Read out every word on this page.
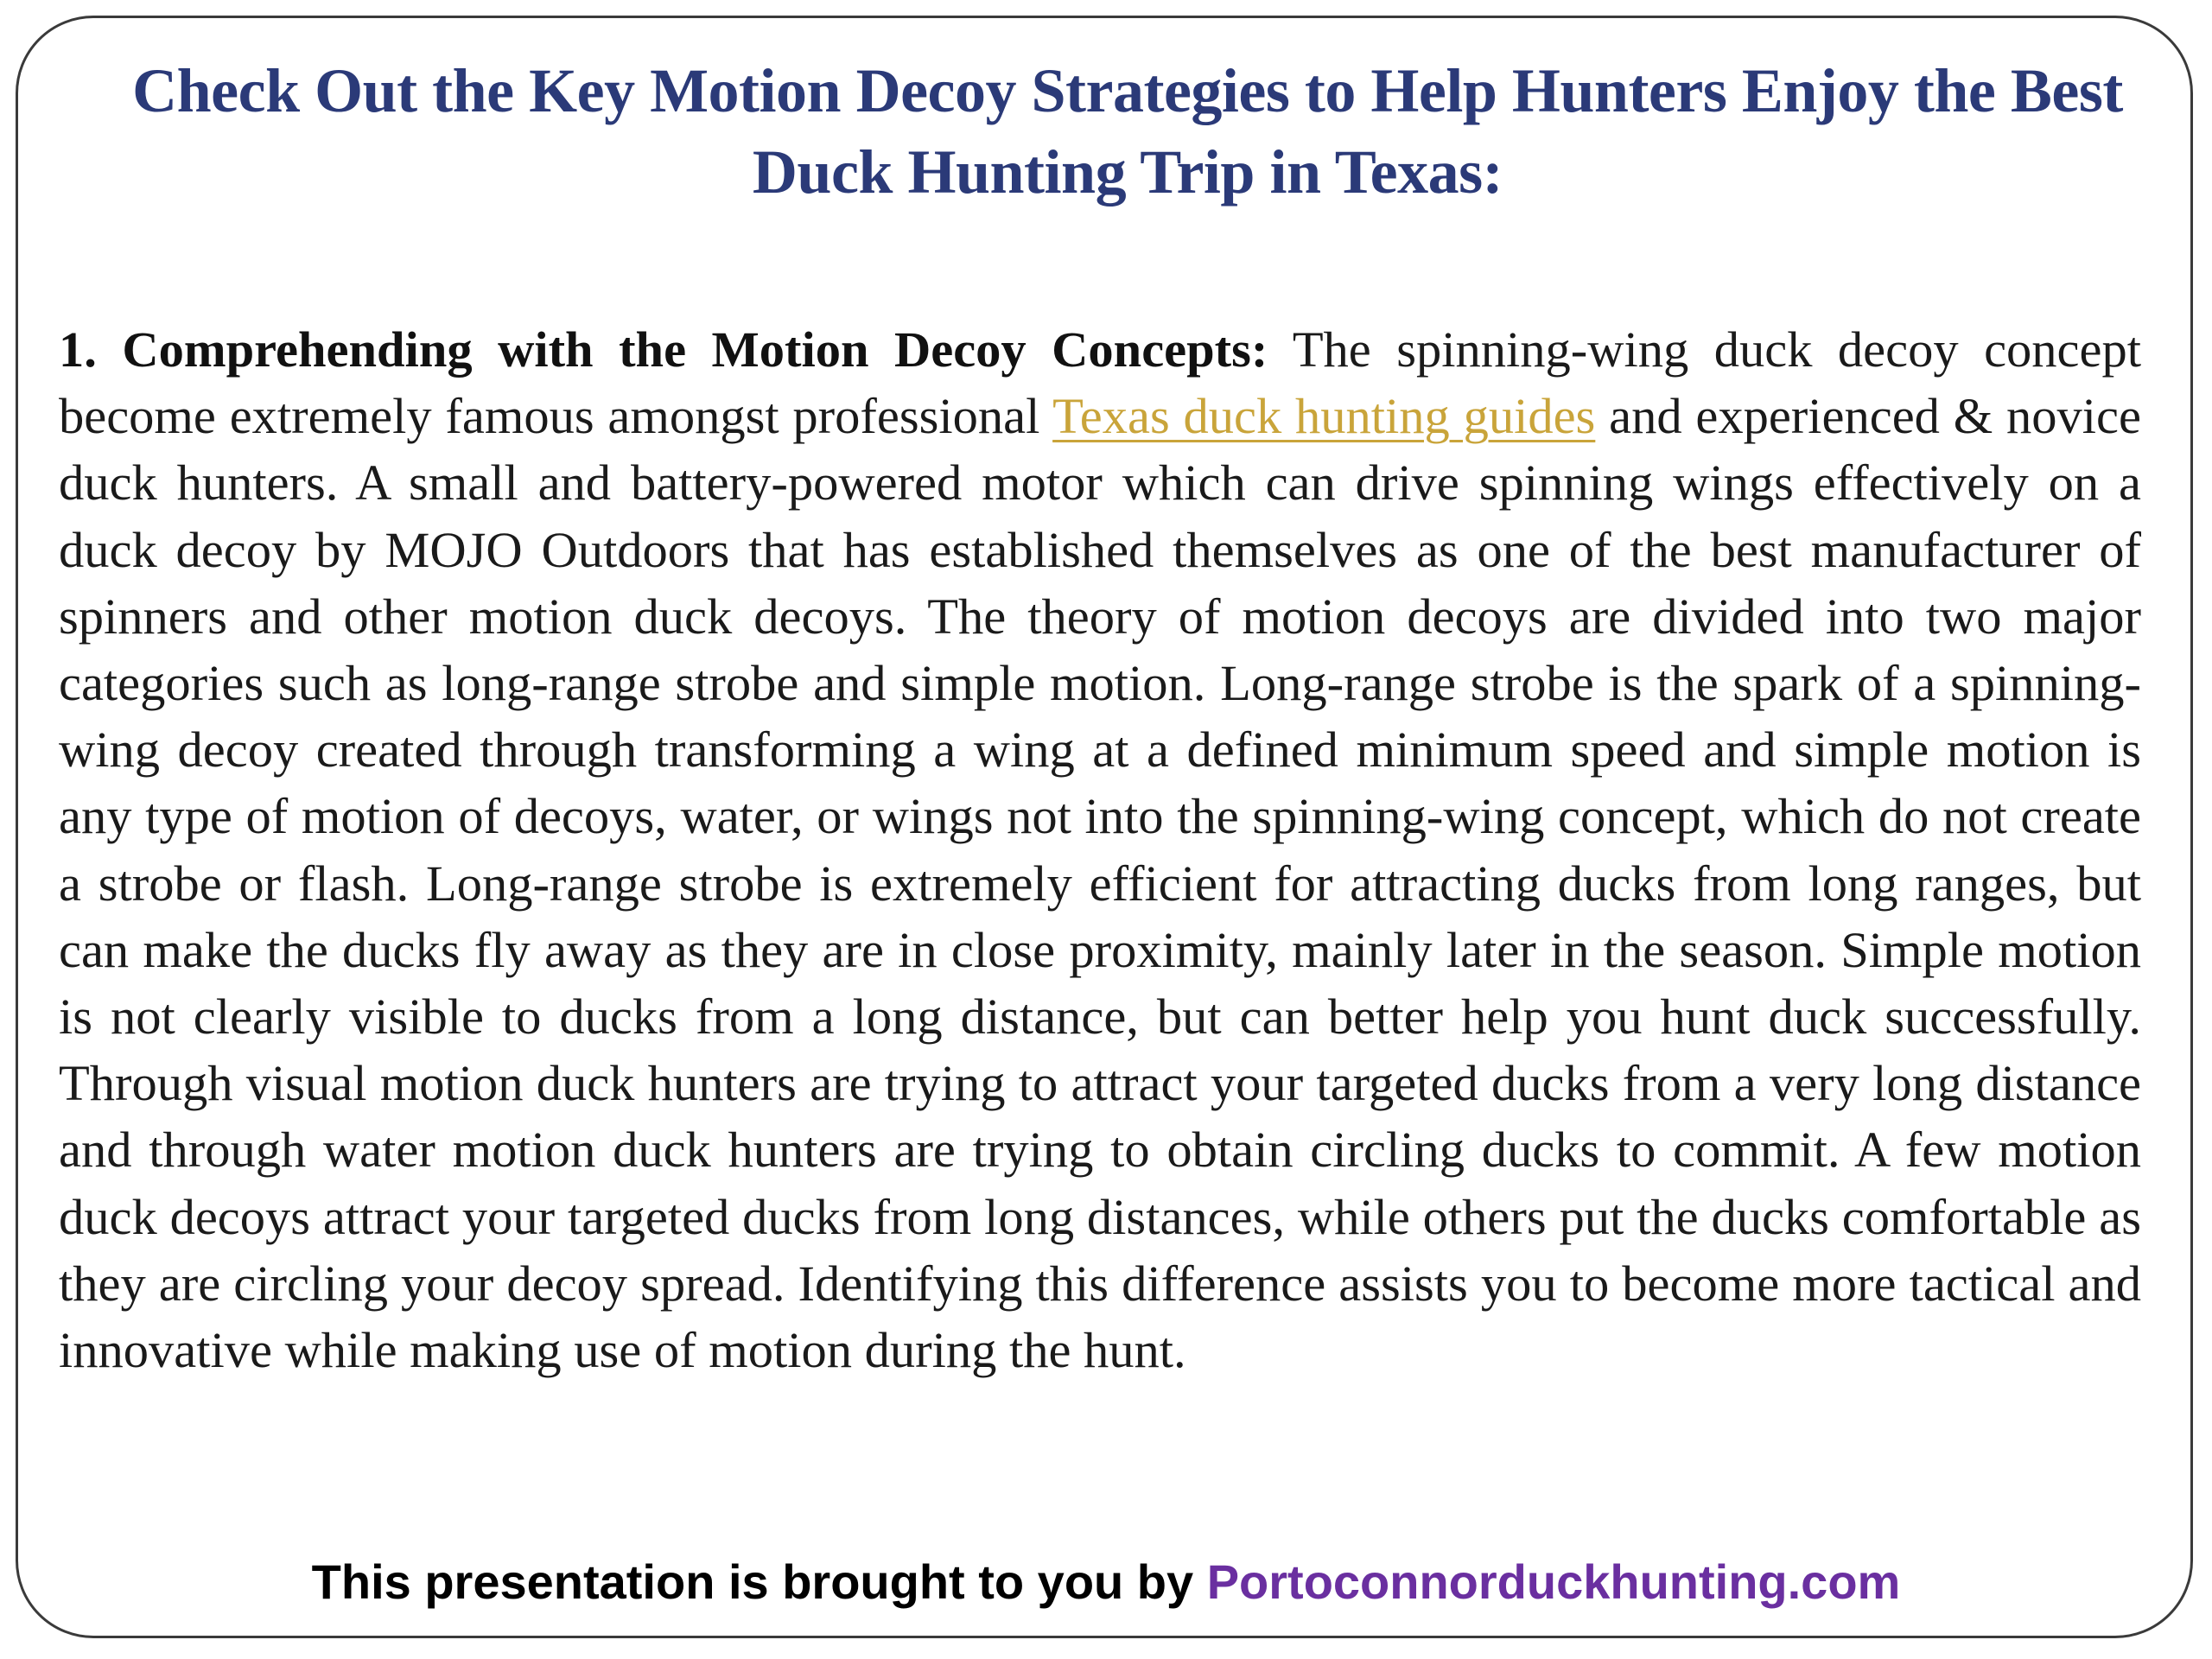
Check Out the Key Motion Decoy Strategies to Help Hunters Enjoy the Best Duck Hunting Trip in Texas:

1. Comprehending with the Motion Decoy Concepts: The spinning-wing duck decoy concept become extremely famous amongst professional Texas duck hunting guides and experienced & novice duck hunters. A small and battery-powered motor which can drive spinning wings effectively on a duck decoy by MOJO Outdoors that has established themselves as one of the best manufacturer of spinners and other motion duck decoys. The theory of motion decoys are divided into two major categories such as long-range strobe and simple motion. Long-range strobe is the spark of a spinning-wing decoy created through transforming a wing at a defined minimum speed and simple motion is any type of motion of decoys, water, or wings not into the spinning-wing concept, which do not create a strobe or flash. Long-range strobe is extremely efficient for attracting ducks from long ranges, but can make the ducks fly away as they are in close proximity, mainly later in the season. Simple motion is not clearly visible to ducks from a long distance, but can better help you hunt duck successfully. Through visual motion duck hunters are trying to attract your targeted ducks from a very long distance and through water motion duck hunters are trying to obtain circling ducks to commit. A few motion duck decoys attract your targeted ducks from long distances, while others put the ducks comfortable as they are circling your decoy spread. Identifying this difference assists you to become more tactical and innovative while making use of motion during the hunt.

This presentation is brought to you by Portoconnorduckhunting.com
